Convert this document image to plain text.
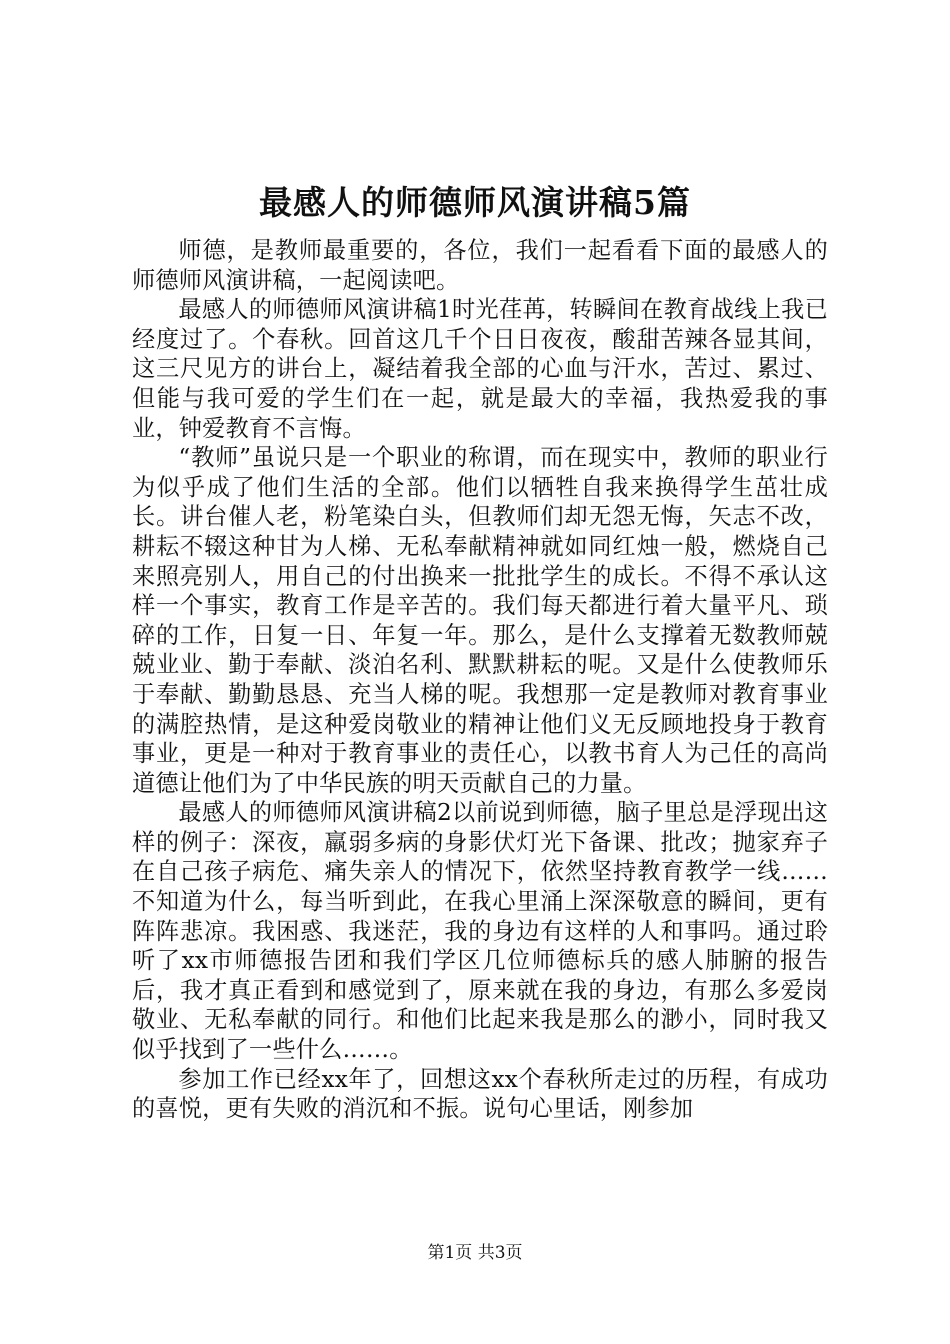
最感人的师德师风演讲稿5篇

师德，是教师最重要的，各位，我们一起看看下面的最感人的师德师风演讲稿，一起阅读吧。

最感人的师德师风演讲稿1时光荏苒，转瞬间在教育战线上我已经度过了。个春秋。回首这几千个日日夜夜，酸甜苦辣各显其间，这三尺见方的讲台上，凝结着我全部的心血与汗水，苦过、累过、但能与我可爱的学生们在一起，就是最大的幸福，我热爱我的事业，钟爱教育不言悔。

“教师”虽说只是一个职业的称谓，而在现实中，教师的职业行为似乎成了他们生活的全部。他们以牺牲自我来换得学生茁壮成长。讲台催人老，粉笔染白头，但教师们却无怨无悔，矢志不改，耕耘不辍这种甘为人梯、无私奉献精神就如同红烛一般，燃烧自己来照亮别人，用自己的付出换来一批批学生的成长。不得不承认这样一个事实，教育工作是辛苦的。我们每天都进行着大量平凡、琐碎的工作，日复一日、年复一年。那么，是什么支撑着无数教师兢兢业业、勤于奉献、淡泊名利、默默耕耘的呢。又是什么使教师乐于奉献、勤勤恳恳、充当人梯的呢。我想那一定是教师对教育事业的满腔热情，是这种爱岗敬业的精神让他们义无反顾地投身于教育事业，更是一种对于教育事业的责任心，以教书育人为己任的高尚道德让他们为了中华民族的明天贡献自己的力量。

最感人的师德师风演讲稿2以前说到师德，脑子里总是浮现出这样的例子：深夜，羸弱多病的身影伏灯光下备课、批改；抛家弃子在自己孩子病危、痛失亲人的情况下，依然坚持教育教学一线……不知道为什么，每当听到此，在我心里涌上深深敬意的瞬间，更有阵阵悲凉。我困惑、我迷茫，我的身边有这样的人和事吗。通过聆听了xx市师德报告团和我们学区几位师德标兵的感人肺腑的报告后，我才真正看到和感觉到了，原来就在我的身边，有那么多爱岗敬业、无私奉献的同行。和他们比起来我是那么的渺小，同时我又似乎找到了一些什么……。

参加工作已经xx年了，回想这xx个春秋所走过的历程，有成功的喜悦，更有失败的消沉和不振。说句心里话，刚参加

第1页 共3页
